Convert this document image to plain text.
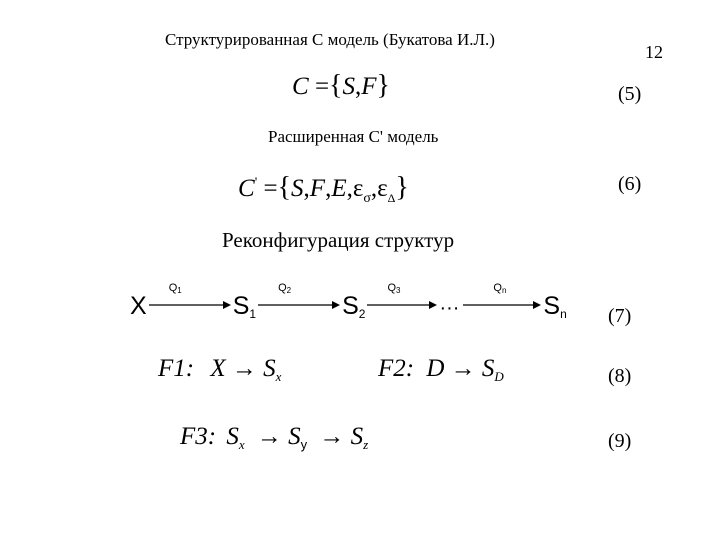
Структурированная С модель (Букатова И.Л.)
12
C ={S,F}	(5)
Расширенная С' модель
$C' =\{S,F,E,\varepsilon_\sigma,\varepsilon_\Delta\}$	(6)
Реконфигурация структур
X
$Q_1$
$S_1$
$Q_2$
$S_2$
$Q_3$
···
$Q_n$
$S_n$ (7)
F1: $X \to S_x$	F2: $D \to S_D$	(8)
F3: $S_x \to S_y \to S_z$	(9)
